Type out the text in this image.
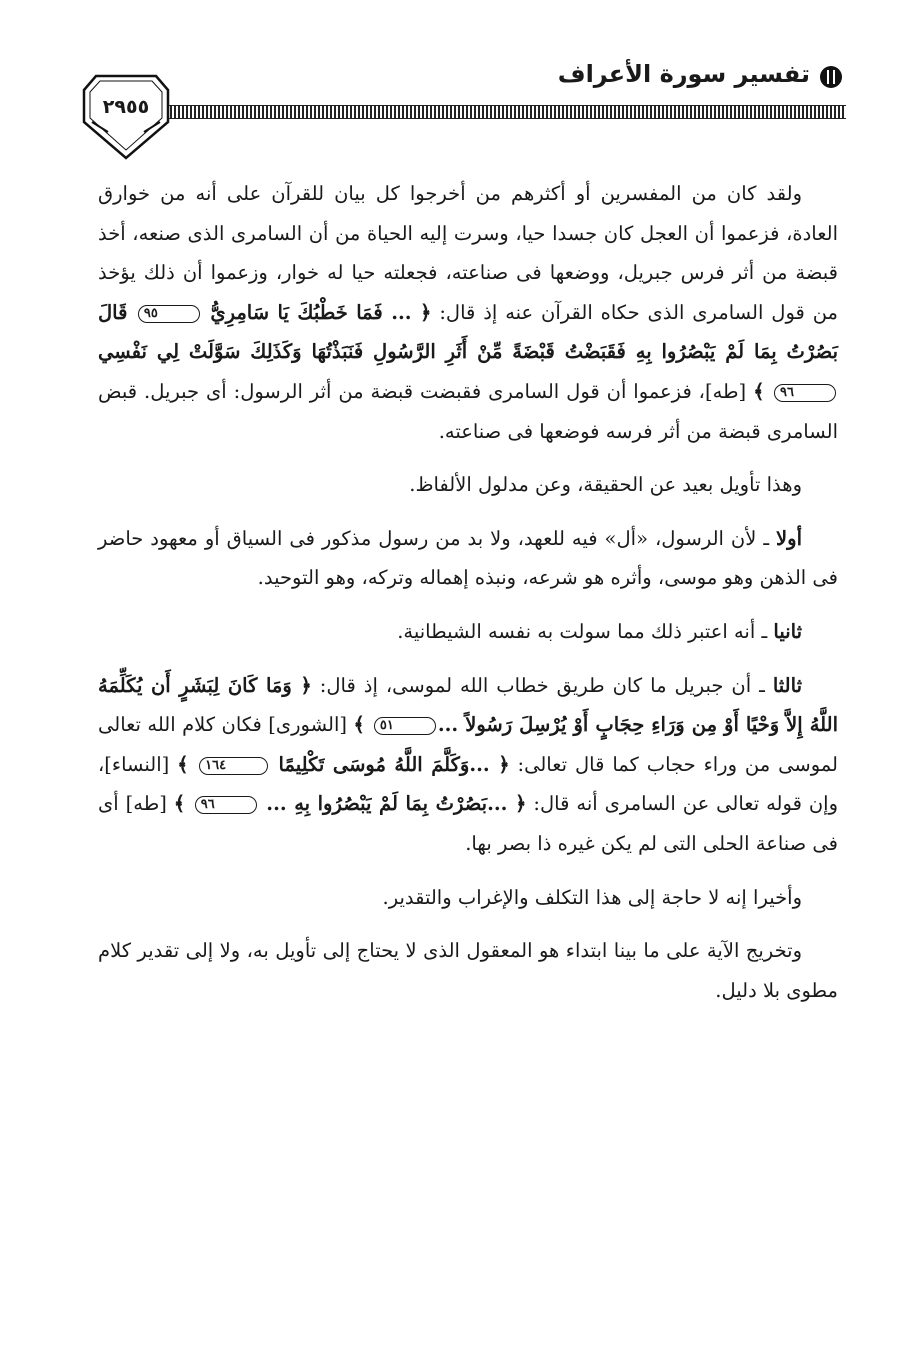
تفسير سورة الأعراف
٢٩٥٥

ولقد كان من المفسرين أو أكثرهم من أخرجوا كل بيان للقرآن على أنه من خوارق العادة، فزعموا أن العجل كان جسدا حيا، وسرت إليه الحياة من أن السامرى الذى صنعه، أخذ قبضة من أثر فرس جبريل، ووضعها فى صناعته، فجعلته حيا له خوار، وزعموا أن ذلك يؤخذ من قول السامرى الذى حكاه القرآن عنه إذ قال: ﴿ ... فَمَا خَطْبُكَ يَا سَامِرِيُّ ٩٥ قَالَ بَصُرْتُ بِمَا لَمْ يَبْصُرُوا بِهِ فَقَبَضْتُ قَبْضَةً مِّنْ أَثَرِ الرَّسُولِ فَنَبَذْتُهَا وَكَذَلِكَ سَوَّلَتْ لِي نَفْسِي ٩٦ ﴾ [طه]، فزعموا أن قول السامرى فقبضت قبضة من أثر الرسول: أى جبريل. قبض السامرى قبضة من أثر فرسه فوضعها فى صناعته.

وهذا تأويل بعيد عن الحقيقة، وعن مدلول الألفاظ.

أولا ـ لأن الرسول، «أل» فيه للعهد، ولا بد من رسول مذكور فى السياق أو معهود حاضر فى الذهن وهو موسى، وأثره هو شرعه، ونبذه إهماله وتركه، وهو التوحيد.

ثانيا ـ أنه اعتبر ذلك مما سولت به نفسه الشيطانية.

ثالثا ـ أن جبريل ما كان طريق خطاب الله لموسى، إذ قال: ﴿ وَمَا كَانَ لِبَشَرٍ أَن يُكَلِّمَهُ اللَّهُ إِلاَّ وَحْيًا أَوْ مِن وَرَاءِ حِجَابٍ أَوْ يُرْسِلَ رَسُولاً ...٥١ ﴾ [الشورى] فكان كلام الله تعالى لموسى من وراء حجاب كما قال تعالى: ﴿ ...وَكَلَّمَ اللَّهُ مُوسَى تَكْلِيمًا ١٦٤ ﴾ [النساء]، وإن قوله تعالى عن السامرى أنه قال: ﴿ ...بَصُرْتُ بِمَا لَمْ يَبْصُرُوا بِهِ ... ٩٦ ﴾ [طه] أى فى صناعة الحلى التى لم يكن غيره ذا بصر بها.

وأخيرا إنه لا حاجة إلى هذا التكلف والإغراب والتقدير.

وتخريج الآية على ما بينا ابتداء هو المعقول الذى لا يحتاج إلى تأويل به، ولا إلى تقدير كلام مطوى بلا دليل.
